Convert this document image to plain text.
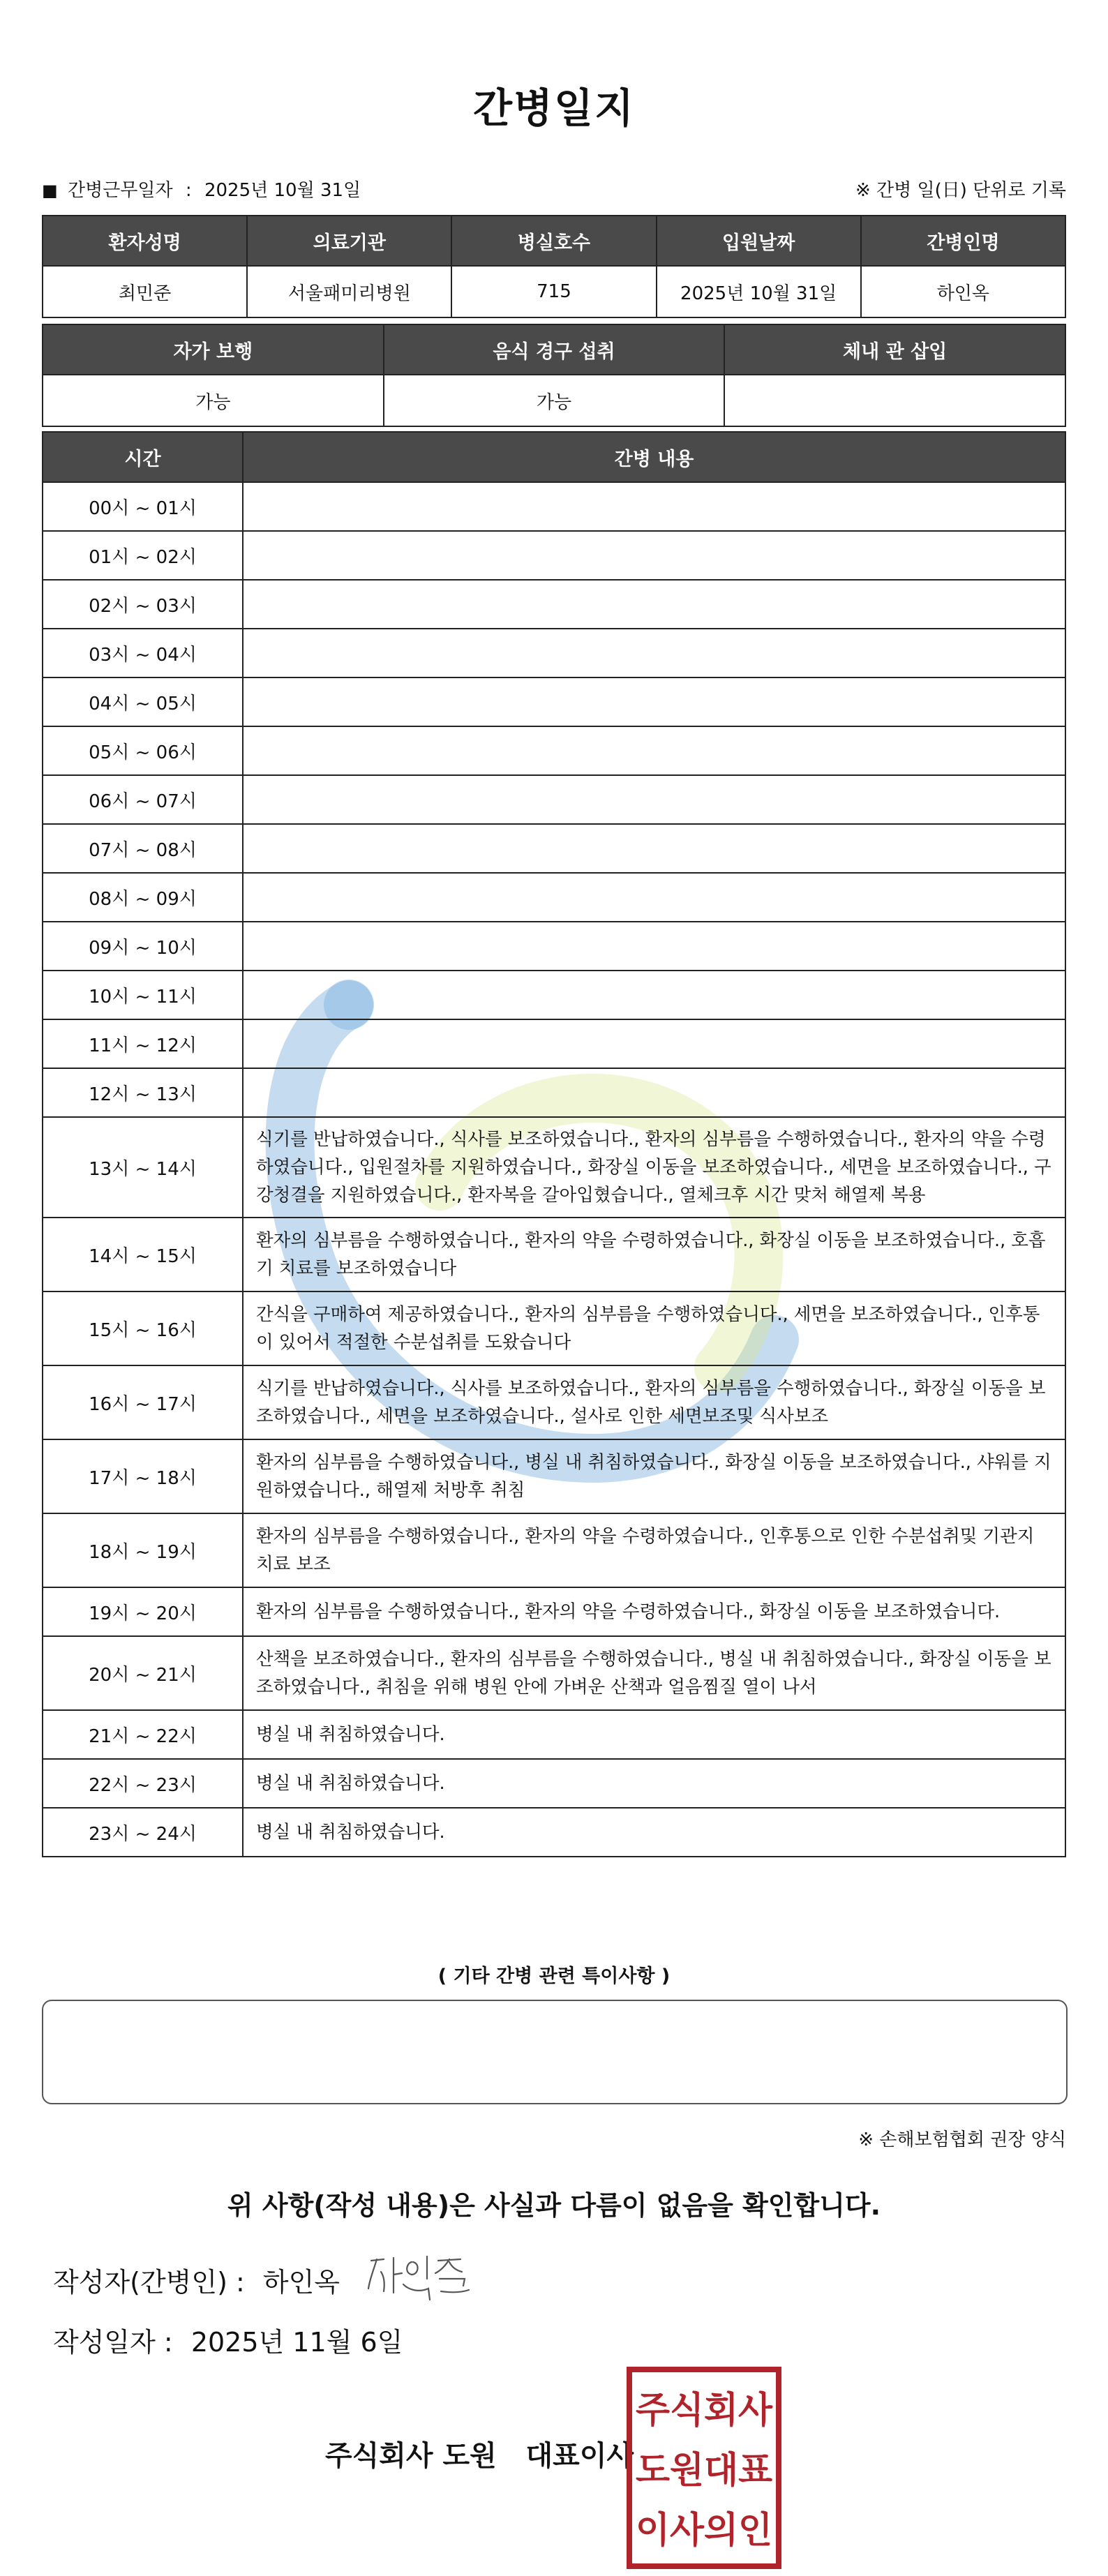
간병일지
■ 간병근무일자 : 2025년 10월 31일	※ 간병 일(日) 단위로 기록
환자성명	의료기관	병실호수	입원날짜	간병인명
최민준	서울패미리병원	715	2025년 10월 31일	하인옥
자가 보행	음식 경구 섭취	체내 관 삽입
가능	가능	
시간	간병 내용
00시 ~ 01시	
01시 ~ 02시	
02시 ~ 03시	
03시 ~ 04시	
04시 ~ 05시	
05시 ~ 06시	
06시 ~ 07시	
07시 ~ 08시	
08시 ~ 09시	
09시 ~ 10시	
10시 ~ 11시	
11시 ~ 12시	
12시 ~ 13시	
13시 ~ 14시	식기를 반납하였습니다., 식사를 보조하였습니다., 환자의 심부름을 수행하였습니다., 환자의 약을 수령하였습니다., 입원절차를 지원하였습니다., 화장실 이동을 보조하였습니다., 세면을 보조하였습니다., 구강청결을 지원하였습니다., 환자복을 갈아입혔습니다., 열체크후 시간 맞처 해열제 복용
14시 ~ 15시	환자의 심부름을 수행하였습니다., 환자의 약을 수령하였습니다., 화장실 이동을 보조하였습니다., 호흡기 치료를 보조하였습니다
15시 ~ 16시	간식을 구매하여 제공하였습니다., 환자의 심부름을 수행하였습니다., 세면을 보조하였습니다., 인후통이 있어서 적절한 수분섭취를 도왔습니다
16시 ~ 17시	식기를 반납하였습니다., 식사를 보조하였습니다., 환자의 심부름을 수행하였습니다., 화장실 이동을 보조하였습니다., 세면을 보조하였습니다., 설사로 인한 세면보조및 식사보조
17시 ~ 18시	환자의 심부름을 수행하였습니다., 병실 내 취침하였습니다., 화장실 이동을 보조하였습니다., 샤워를 지원하였습니다., 해열제 처방후 취침
18시 ~ 19시	환자의 심부름을 수행하였습니다., 환자의 약을 수령하였습니다., 인후통으로 인한 수분섭취및 기관지 치료 보조
19시 ~ 20시	환자의 심부름을 수행하였습니다., 환자의 약을 수령하였습니다., 화장실 이동을 보조하였습니다.
20시 ~ 21시	산책을 보조하였습니다., 환자의 심부름을 수행하였습니다., 병실 내 취침하였습니다., 화장실 이동을 보조하였습니다., 취침을 위해 병원 안에 가벼운 산책과 얼음찜질 열이 나서
21시 ~ 22시	병실 내 취침하였습니다.
22시 ~ 23시	병실 내 취침하였습니다.
23시 ~ 24시	병실 내 취침하였습니다.
( 기타 간병 관련 특이사항 )
※ 손해보험협회 권장 양식
위 사항(작성 내용)은 사실과 다름이 없음을 확인합니다.
작성자(간병인) : 하인옥
작성일자 : 2025년 11월 6일
주식회사 도원   대표이사
주식회사
도원대표
이사의인
